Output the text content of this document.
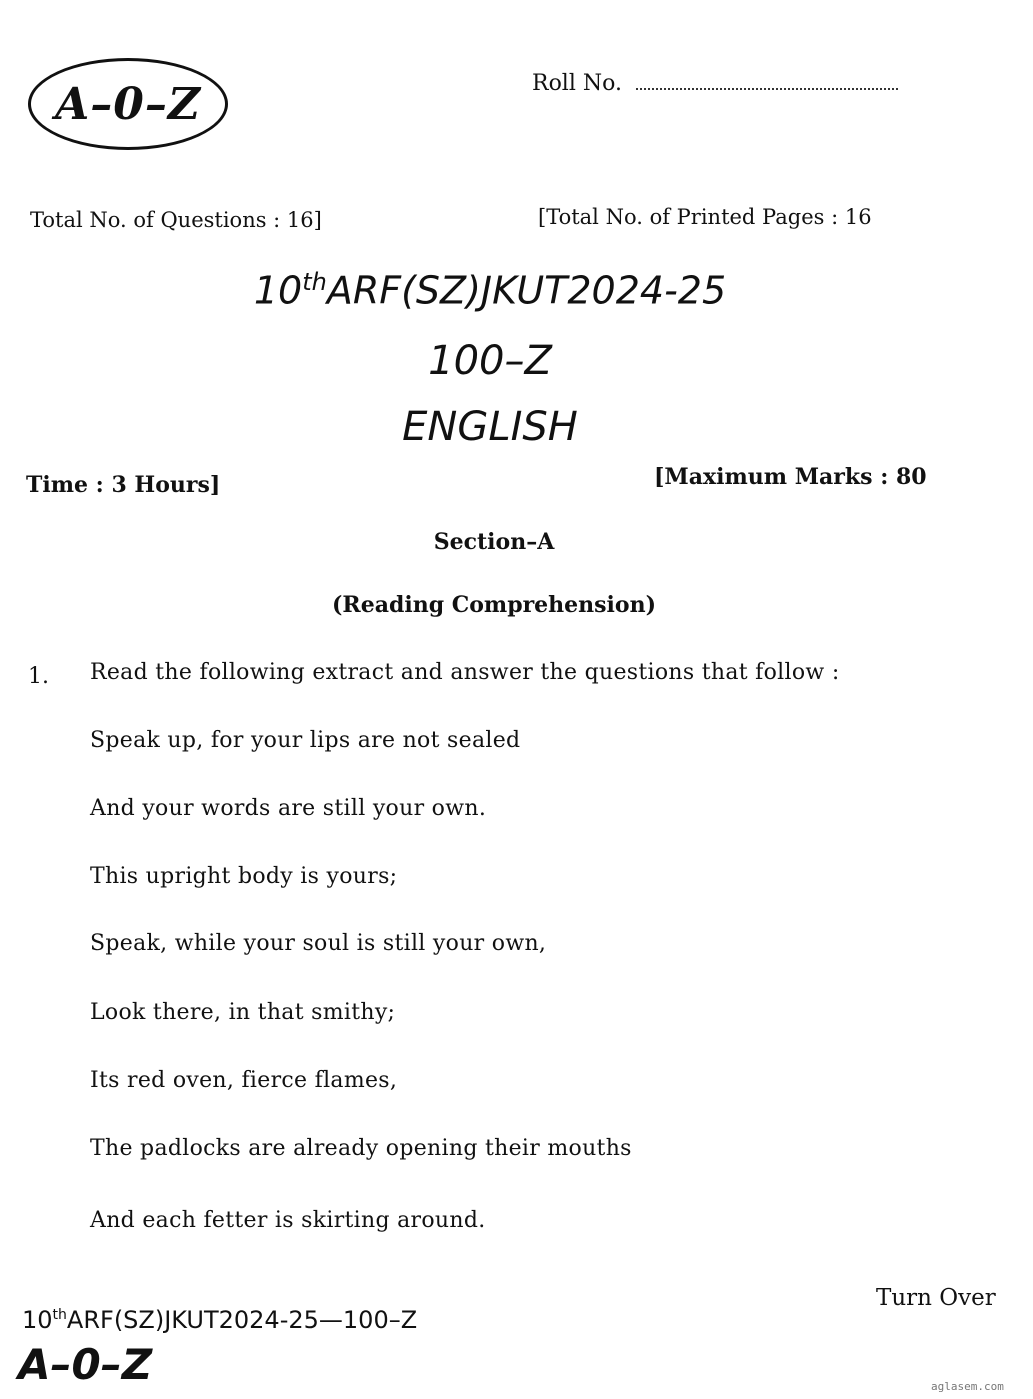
A–0–Z	Roll No.
Total No. of Questions : 16]	[Total No. of Printed Pages : 16
10thARF(SZ)JKUT2024-25
100–Z
ENGLISH
Time : 3 Hours]	[Maximum Marks : 80
Section–A
(Reading Comprehension)
1. Read the following extract and answer the questions that follow :
Speak up, for your lips are not sealed
And your words are still your own.
This upright body is yours;
Speak, while your soul is still your own,
Look there, in that smithy;
Its red oven, fierce flames,
The padlocks are already opening their mouths
And each fetter is skirting around.
Turn Over
10thARF(SZ)JKUT2024-25—100–Z
A–0–Z	aglasem.com
